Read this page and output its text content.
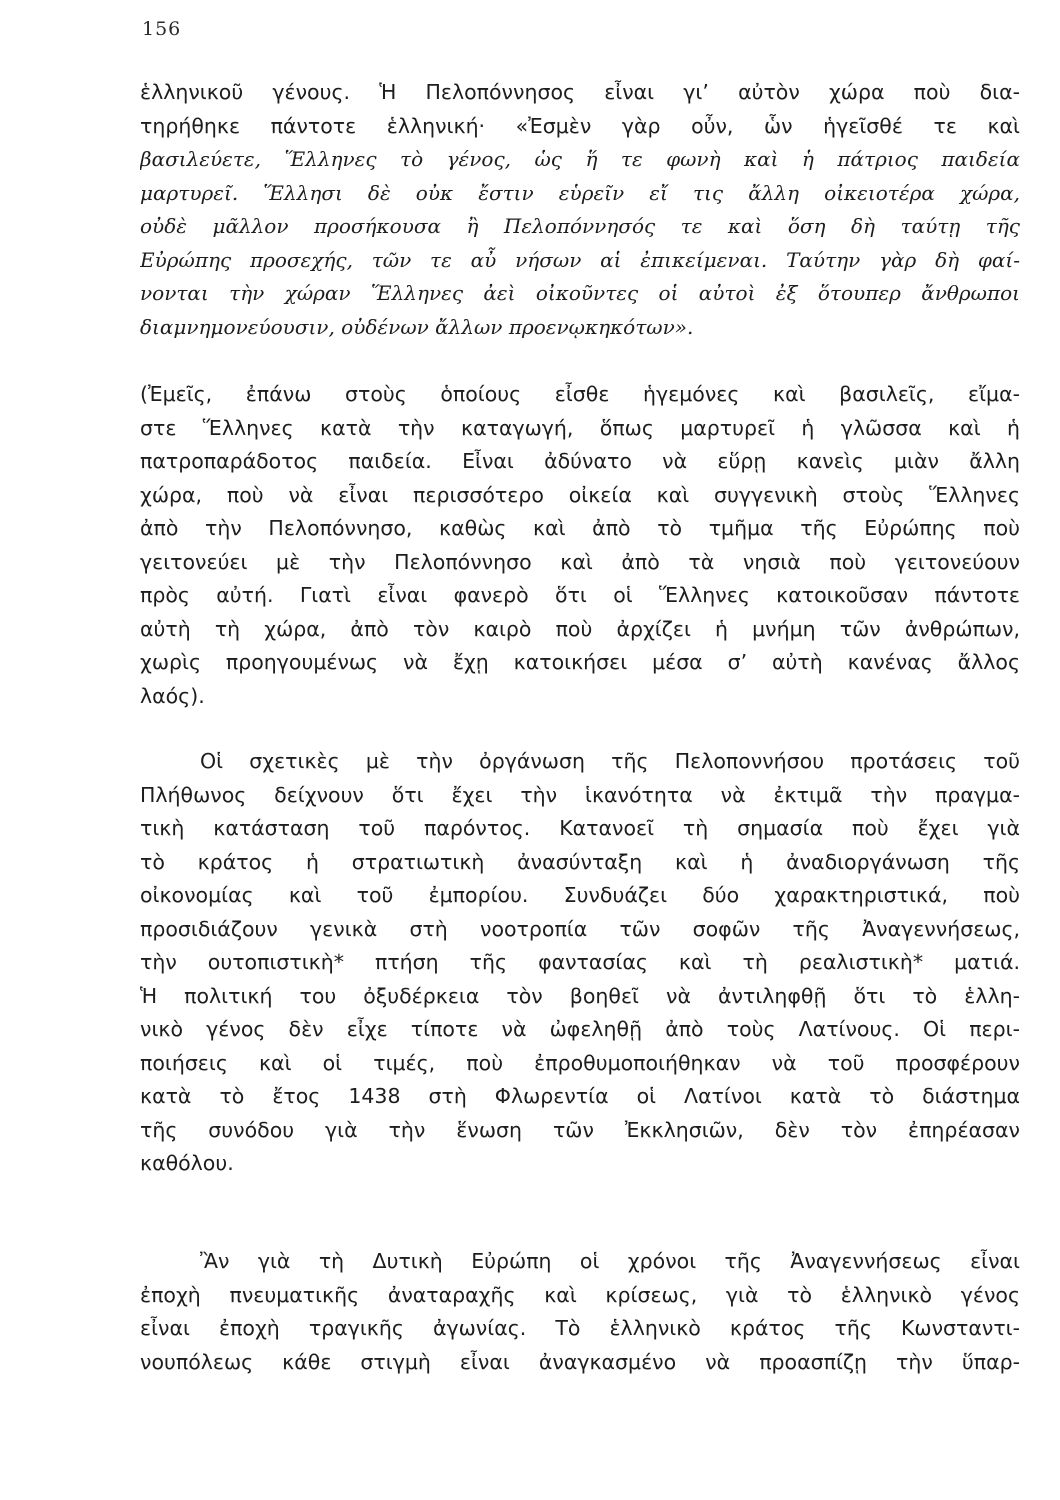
156
ἑλληνικοῦ γένους. Ἡ Πελοπόννησος εἶναι γι’ αὐτὸν χώρα ποὺ δια-
τηρήθηκε πάντοτε ἑλληνική· «Ἐσμὲν γὰρ οὖν, ὧν ἡγεῖσθέ τε καὶ
βασιλεύετε, Ἕλληνες τὸ γένος, ὡς ἥ τε φωνὴ καὶ ἡ πάτριος παιδεία
μαρτυρεῖ. Ἕλλησι δὲ οὐκ ἔστιν εὑρεῖν εἴ τις ἄλλη οἰκειοτέρα χώρα,
οὐδὲ μᾶλλον προσήκουσα ἢ Πελοπόννησός τε καὶ ὅση δὴ ταύτῃ τῆς
Εὐρώπης προσεχής, τῶν τε αὖ νήσων αἱ ἐπικείμεναι. Ταύτην γὰρ δὴ φαί-
νονται τὴν χώραν Ἕλληνες ἀεὶ οἰκοῦντες οἱ αὐτοὶ ἐξ ὅτουπερ ἄνθρωποι
διαμνημονεύουσιν, οὐδένων ἄλλων προενῳκηκότων».
(Ἐμεῖς, ἐπάνω στοὺς ὁποίους εἶσθε ἡγεμόνες καὶ βασιλεῖς, εἴμα-
στε Ἕλληνες κατὰ τὴν καταγωγή, ὅπως μαρτυρεῖ ἡ γλῶσσα καὶ ἡ
πατροπαράδοτος παιδεία. Εἶναι ἀδύνατο νὰ εὕρῃ κανεὶς μιὰν ἄλλη
χώρα, ποὺ νὰ εἶναι περισσότερο οἰκεία καὶ συγγενικὴ στοὺς Ἕλληνες
ἀπὸ τὴν Πελοπόννησο, καθὼς καὶ ἀπὸ τὸ τμῆμα τῆς Εὐρώπης ποὺ
γειτονεύει μὲ τὴν Πελοπόννησο καὶ ἀπὸ τὰ νησιὰ ποὺ γειτονεύουν
πρὸς αὐτή. Γιατὶ εἶναι φανερὸ ὅτι οἱ Ἕλληνες κατοικοῦσαν πάντοτε
αὐτὴ τὴ χώρα, ἀπὸ τὸν καιρὸ ποὺ ἀρχίζει ἡ μνήμη τῶν ἀνθρώπων,
χωρὶς προηγουμένως νὰ ἔχῃ κατοικήσει μέσα σ’ αὐτὴ κανένας ἄλλος
λαός).
Οἱ σχετικὲς μὲ τὴν ὀργάνωση τῆς Πελοποννήσου προτάσεις τοῦ
Πλήθωνος δείχνουν ὅτι ἔχει τὴν ἱκανότητα νὰ ἐκτιμᾶ τὴν πραγμα-
τικὴ κατάσταση τοῦ παρόντος. Κατανοεῖ τὴ σημασία ποὺ ἔχει γιὰ
τὸ κράτος ἡ στρατιωτικὴ ἀνασύνταξη καὶ ἡ ἀναδιοργάνωση τῆς
οἰκονομίας καὶ τοῦ ἐμπορίου. Συνδυάζει δύο χαρακτηριστικά, ποὺ
προσιδιάζουν γενικὰ στὴ νοοτροπία τῶν σοφῶν τῆς Ἀναγεννήσεως,
τὴν ουτοπιστικὴ* πτήση τῆς φαντασίας καὶ τὴ ρεαλιστικὴ* ματιά.
Ἡ πολιτική του ὀξυδέρκεια τὸν βοηθεῖ νὰ ἀντιληφθῇ ὅτι τὸ ἑλλη-
νικὸ γένος δὲν εἶχε τίποτε νὰ ὠφεληθῇ ἀπὸ τοὺς Λατίνους. Οἱ περι-
ποιήσεις καὶ οἱ τιμές, ποὺ ἐπροθυμοποιήθηκαν νὰ τοῦ προσφέρουν
κατὰ τὸ ἔτος 1438 στὴ Φλωρεντία οἱ Λατίνοι κατὰ τὸ διάστημα
τῆς συνόδου γιὰ τὴν ἕνωση τῶν Ἐκκλησιῶν, δὲν τὸν ἐπηρέασαν
καθόλου.
Ἂν γιὰ τὴ Δυτικὴ Εὐρώπη οἱ χρόνοι τῆς Ἀναγεννήσεως εἶναι
ἐποχὴ πνευματικῆς ἀναταραχῆς καὶ κρίσεως, γιὰ τὸ ἑλληνικὸ γένος
εἶναι ἐποχὴ τραγικῆς ἀγωνίας. Τὸ ἑλληνικὸ κράτος τῆς Κωνσταντι-
νουπόλεως κάθε στιγμὴ εἶναι ἀναγκασμένο νὰ προασπίζῃ τὴν ὕπαρ-
